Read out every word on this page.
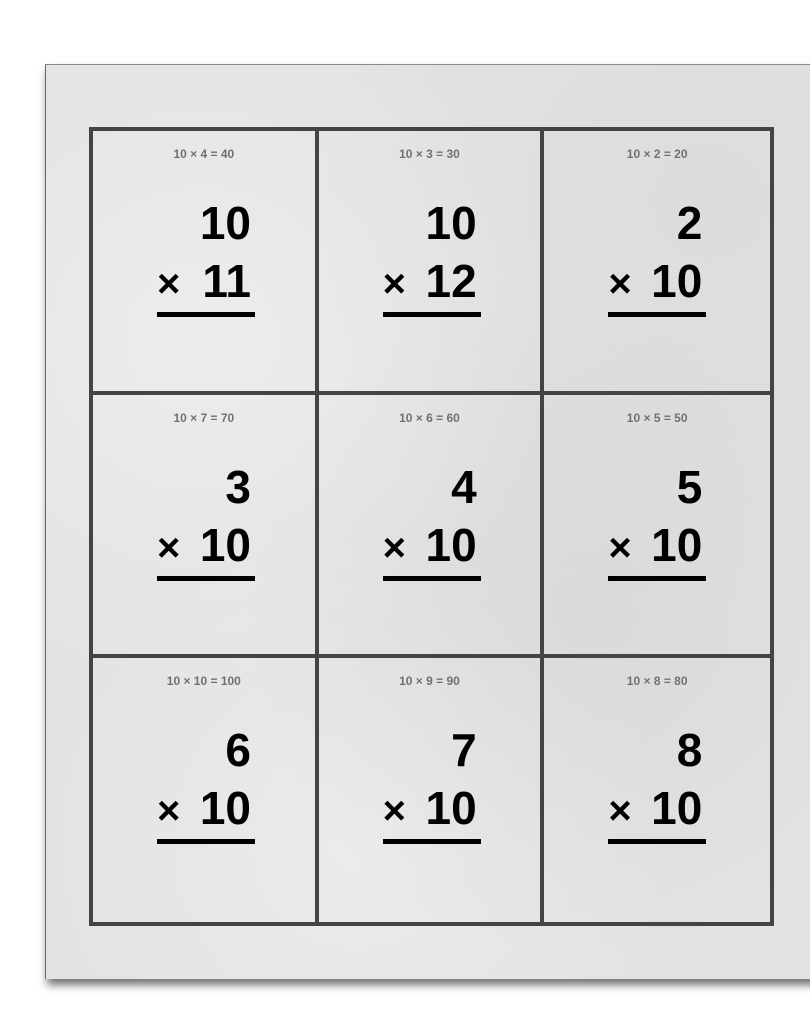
10 × 4 = 40
10
× 11
10 × 3 = 30
10
× 12
10 × 2 = 20
2
× 10
10 × 7 = 70
3
× 10
10 × 6 = 60
4
× 10
10 × 5 = 50
5
× 10
10 × 10 = 100
6
× 10
10 × 9 = 90
7
× 10
10 × 8 = 80
8
× 10
